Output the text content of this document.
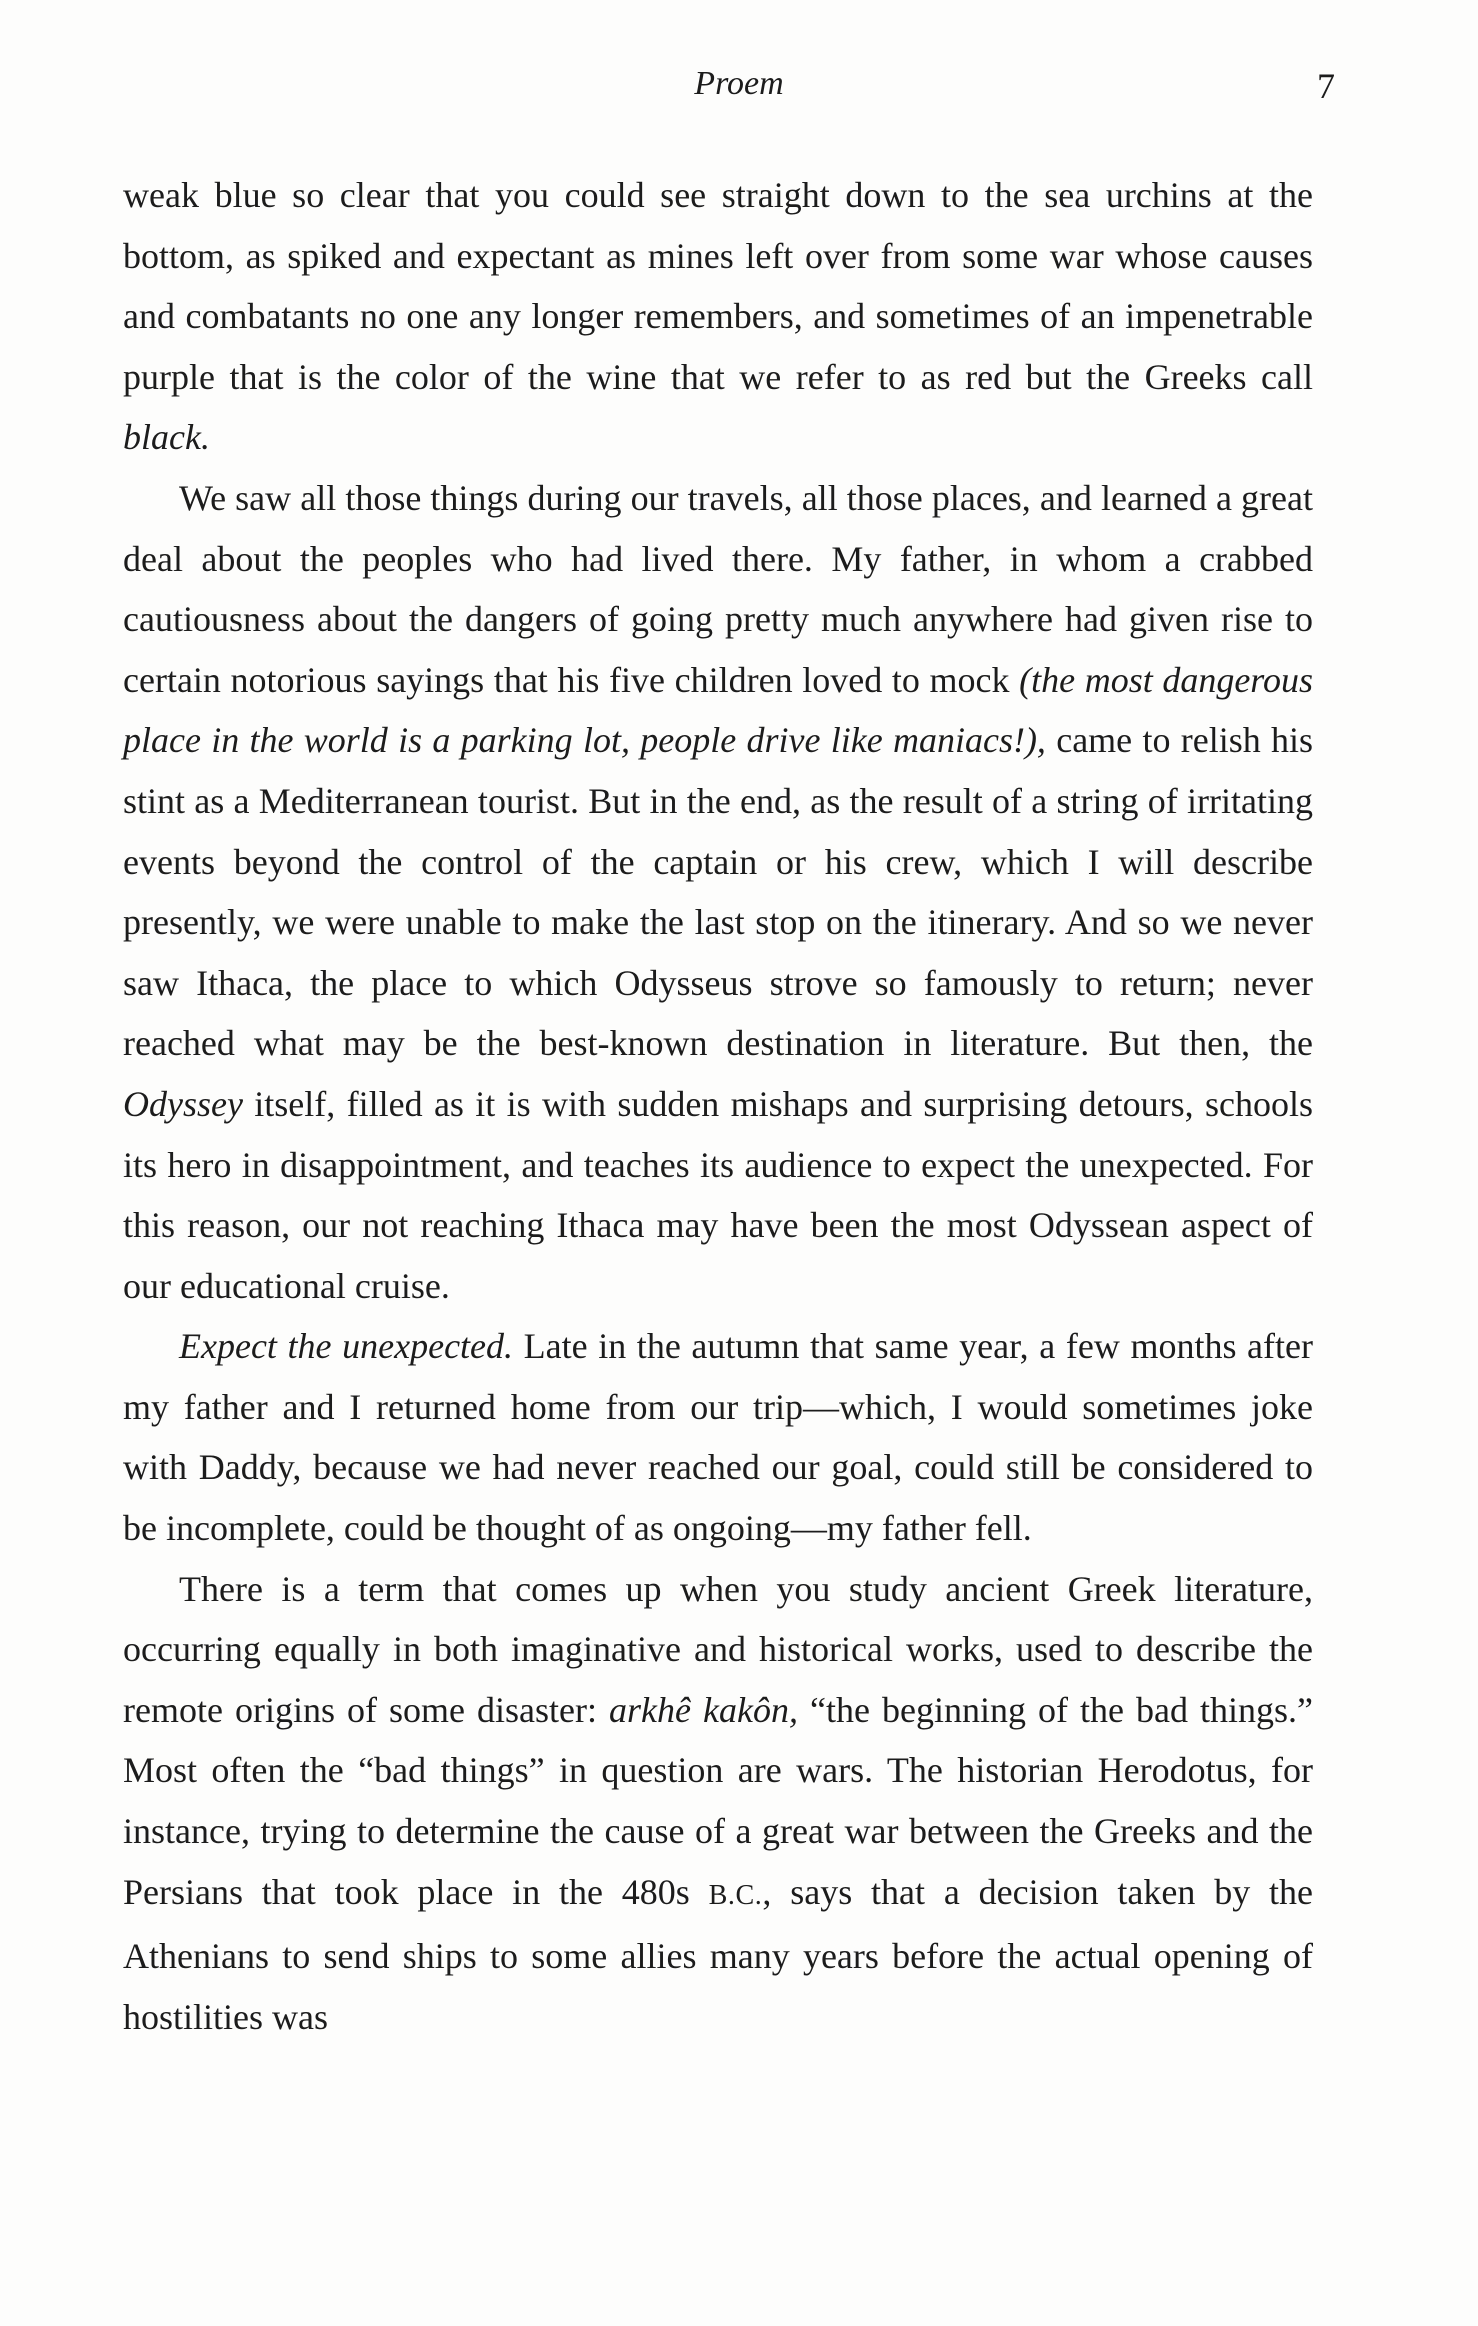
Proem	7

weak blue so clear that you could see straight down to the sea urchins at the bottom, as spiked and expectant as mines left over from some war whose causes and combatants no one any longer remembers, and sometimes of an impenetrable purple that is the color of the wine that we refer to as red but the Greeks call black.

We saw all those things during our travels, all those places, and learned a great deal about the peoples who had lived there. My father, in whom a crabbed cautiousness about the dangers of going pretty much anywhere had given rise to certain notorious sayings that his five children loved to mock (the most dangerous place in the world is a parking lot, people drive like maniacs!), came to relish his stint as a Mediterranean tourist. But in the end, as the result of a string of irritating events beyond the control of the captain or his crew, which I will describe presently, we were unable to make the last stop on the itinerary. And so we never saw Ithaca, the place to which Odysseus strove so famously to return; never reached what may be the best-known destination in literature. But then, the Odyssey itself, filled as it is with sudden mishaps and surprising detours, schools its hero in disappointment, and teaches its audience to expect the unexpected. For this reason, our not reaching Ithaca may have been the most Odyssean aspect of our educational cruise.

Expect the unexpected. Late in the autumn that same year, a few months after my father and I returned home from our trip—which, I would sometimes joke with Daddy, because we had never reached our goal, could still be considered to be incomplete, could be thought of as ongoing—my father fell.

There is a term that comes up when you study ancient Greek literature, occurring equally in both imaginative and historical works, used to describe the remote origins of some disaster: arkhê kakôn, “the beginning of the bad things.” Most often the “bad things” in question are wars. The historian Herodotus, for instance, trying to determine the cause of a great war between the Greeks and the Persians that took place in the 480s B.C., says that a decision taken by the Athenians to send ships to some allies many years before the actual opening of hostilities was
